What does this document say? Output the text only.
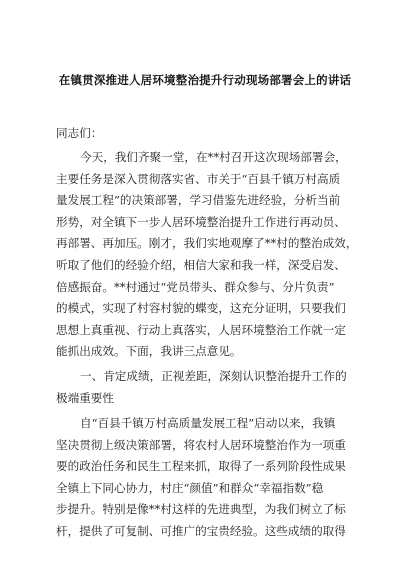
在镇贯深推进人居环境整治提升行动现场部署会上的讲话
同志们：
今天，我们齐聚一堂，在**村召开这次现场部署会，
主要任务是深入贯彻落实省、市关于“百县千镇万村高质
量发展工程”的决策部署，学习借鉴先进经验，分析当前
形势，对全镇下一步人居环境整治提升工作进行再动员、
再部署、再加压。刚才，我们实地观摩了**村的整治成效，
听取了他们的经验介绍，相信大家和我一样，深受启发、
倍感振奋。**村通过“党员带头、群众参与、分片负责”
的模式，实现了村容村貌的蝶变，这充分证明，只要我们
思想上真重视、行动上真落实，人居环境整治工作就一定
能抓出成效。下面，我讲三点意见。
一、肯定成绩，正视差距，深刻认识整治提升工作的
极端重要性
自“百县千镇万村高质量发展工程”启动以来，我镇
坚决贯彻上级决策部署，将农村人居环境整治作为一项重
要的政治任务和民生工程来抓，取得了一系列阶段性成果
全镇上下同心协力，村庄“颜值”和群众“幸福指数”稳
步提升。特别是像**村这样的先进典型，为我们树立了标
杆，提供了可复制、可推广的宝贵经验。这些成绩的取得
